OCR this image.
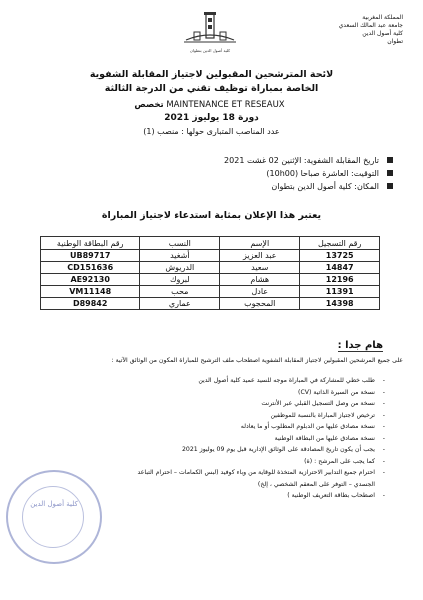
المملكة المغربية
جامعة عبد المالك السعدي
كلية أصول الدين
تطوان
كلية أصول الدين بتطوان
لائحة المترشحين المقبولين لاجتياز المقابلة الشفوية
الخاصة بمباراة توظيف تقني من الدرجة الثالثة
تخصص MAINTENANCE ET RESEAUX
دورة 18 يوليوز 2021
عدد المناصب المتبارى حولها : منصب (1)
تاريخ المقابلة الشفوية: الإثنين 02 غشت 2021
التوقيت: العاشرة صباحا (10h00)
المكان: كلية أصول الدين بتطوان
يعتبر هذا الإعلان بمثابة استدعاء لاجتياز المباراة
رقم التسجيل	الإسم	النسب	رقم البطاقة الوطنية
13725	عبد العزيز	أشغيد	UB89717
14847	سعيد	الدريوش	CD151636
12196	هشام	لبروك	AE92130
11391	عادل	محب	VM11148
14398	المحجوب	عماري	D89842
هام جدا :
على جميع المرشحين المقبولين لاجتياز المقابلة الشفوية اصطحاب ملف الترشيح للمباراة المكون من الوثائق الآتية :
-
طلب خطي للمشاركة في المباراة موجه للسيد عميد كلية أصول الدين
-
نسخة من السيرة الذاتية (CV)
-
نسخة من وصل التسجيل القبلي عبر الأنترنت
-
ترخيص لاجتياز المباراة بالنسبة للموظفين
-
نسخة مصادق عليها من الدبلوم المطلوب أو ما يعادله
-
نسخة مصادق عليها من البطاقة الوطنية
-
يجب أن يكون تاريخ المصادقة على الوثائق الإدارية قبل يوم 09 يوليوز 2021
-
كما يجب على المرشح : (ة)
-
احترام جميع التدابير الاحترازية المتخذة للوقاية من وباء كوفيد (لبس الكمامات – احترام التباعد
الجسدي – التوفر على المعقم الشخصي ، إلخ)
-
اصطحاب بطاقة التعريف الوطنية )
كلية أصول الدين
